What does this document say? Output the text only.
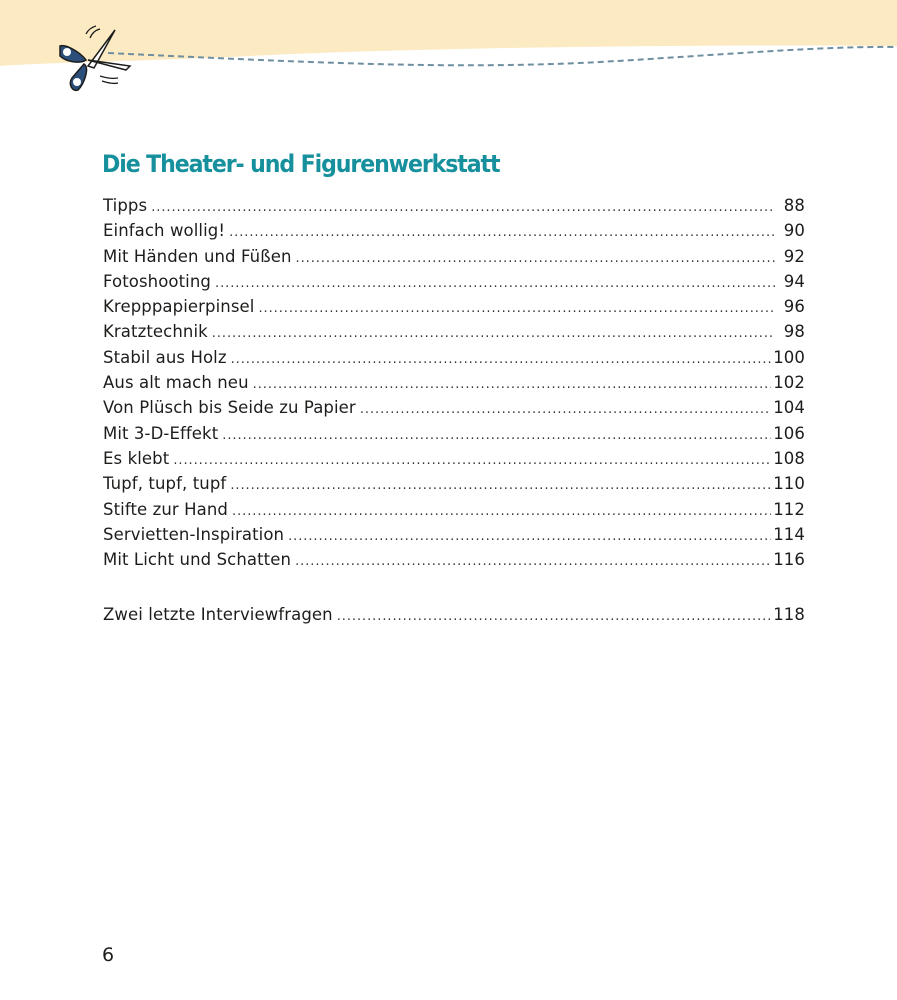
Die Theater- und Figurenwerkstatt
Tipps . . .	88
Einfach wollig! . . .	90
Mit Händen und Füßen . . .	92
Fotoshooting . . .	94
Krepppapierpinsel . . .	96
Kratztechnik . . .	98
Stabil aus Holz . . .	100
Aus alt mach neu . . .	102
Von Plüsch bis Seide zu Papier . . .	104
Mit 3-D-Effekt . . .	106
Es klebt . . .	108
Tupf, tupf, tupf . . .	110
Stifte zur Hand . . .	112
Servietten-Inspiration . . .	114
Mit Licht und Schatten . . .	116
Zwei letzte Interviewfragen . . .	118
6
